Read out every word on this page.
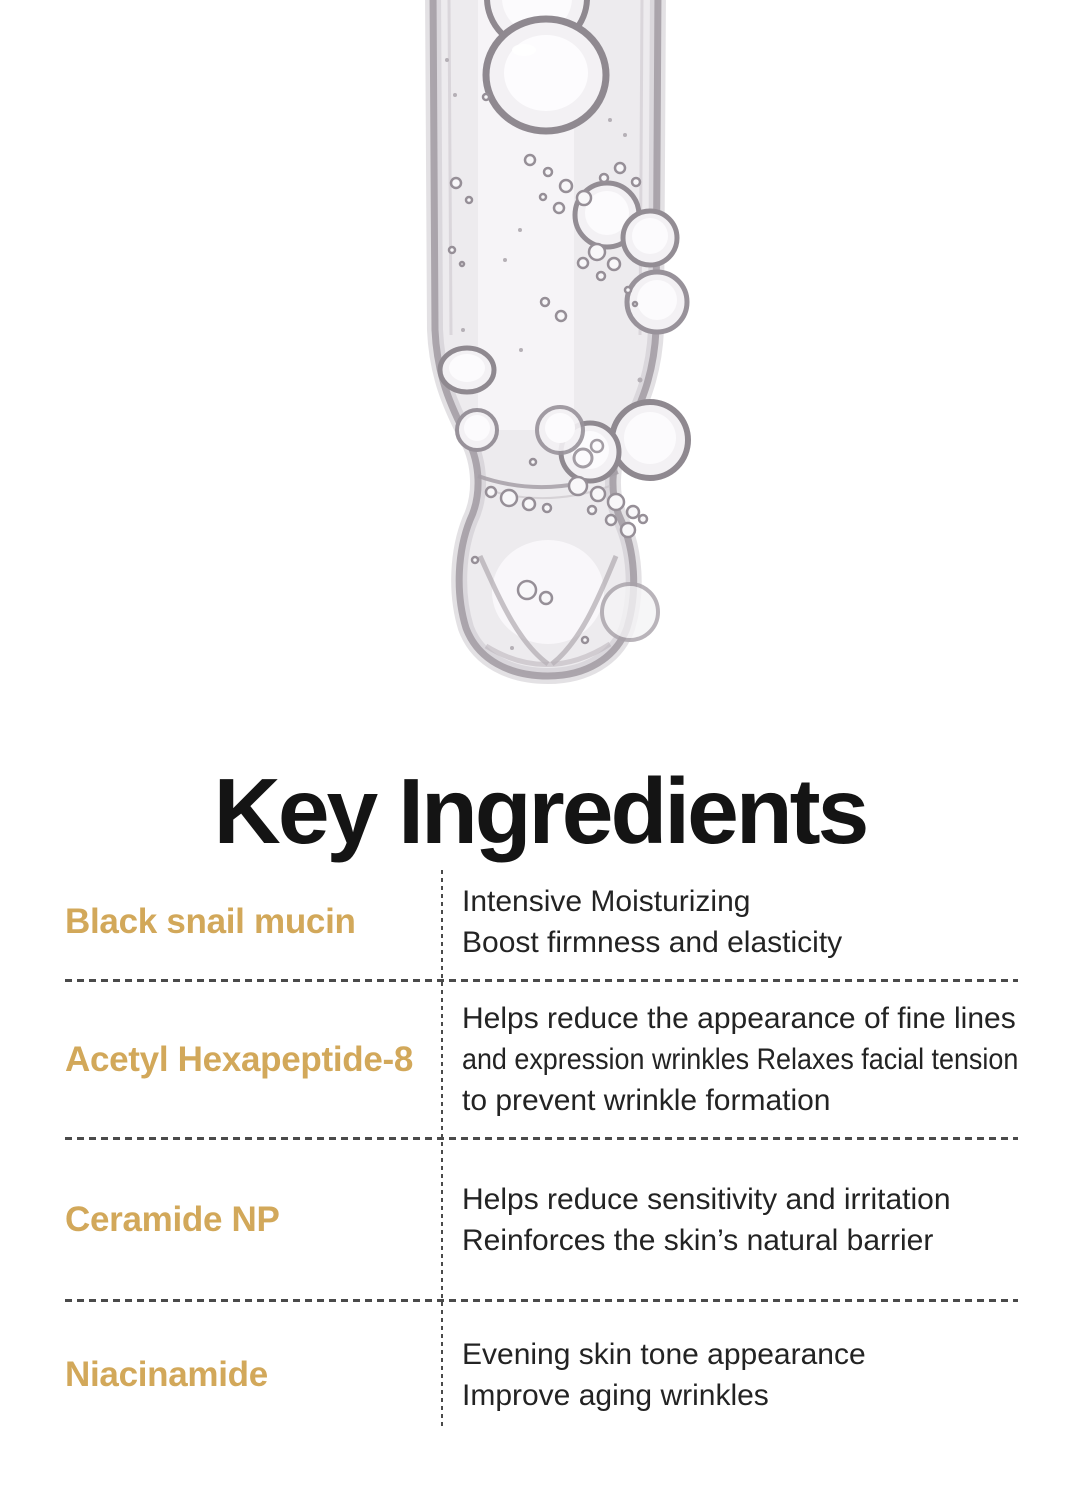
Key Ingredients
Black snail mucin
Intensive Moisturizing
Boost firmness and elasticity
Acetyl Hexapeptide-8
Helps reduce the appearance of fine lines
and expression wrinkles Relaxes facial tension
to prevent wrinkle formation
Ceramide NP
Helps reduce sensitivity and irritation
Reinforces the skin’s natural barrier
Niacinamide
Evening skin tone appearance
Improve aging wrinkles
